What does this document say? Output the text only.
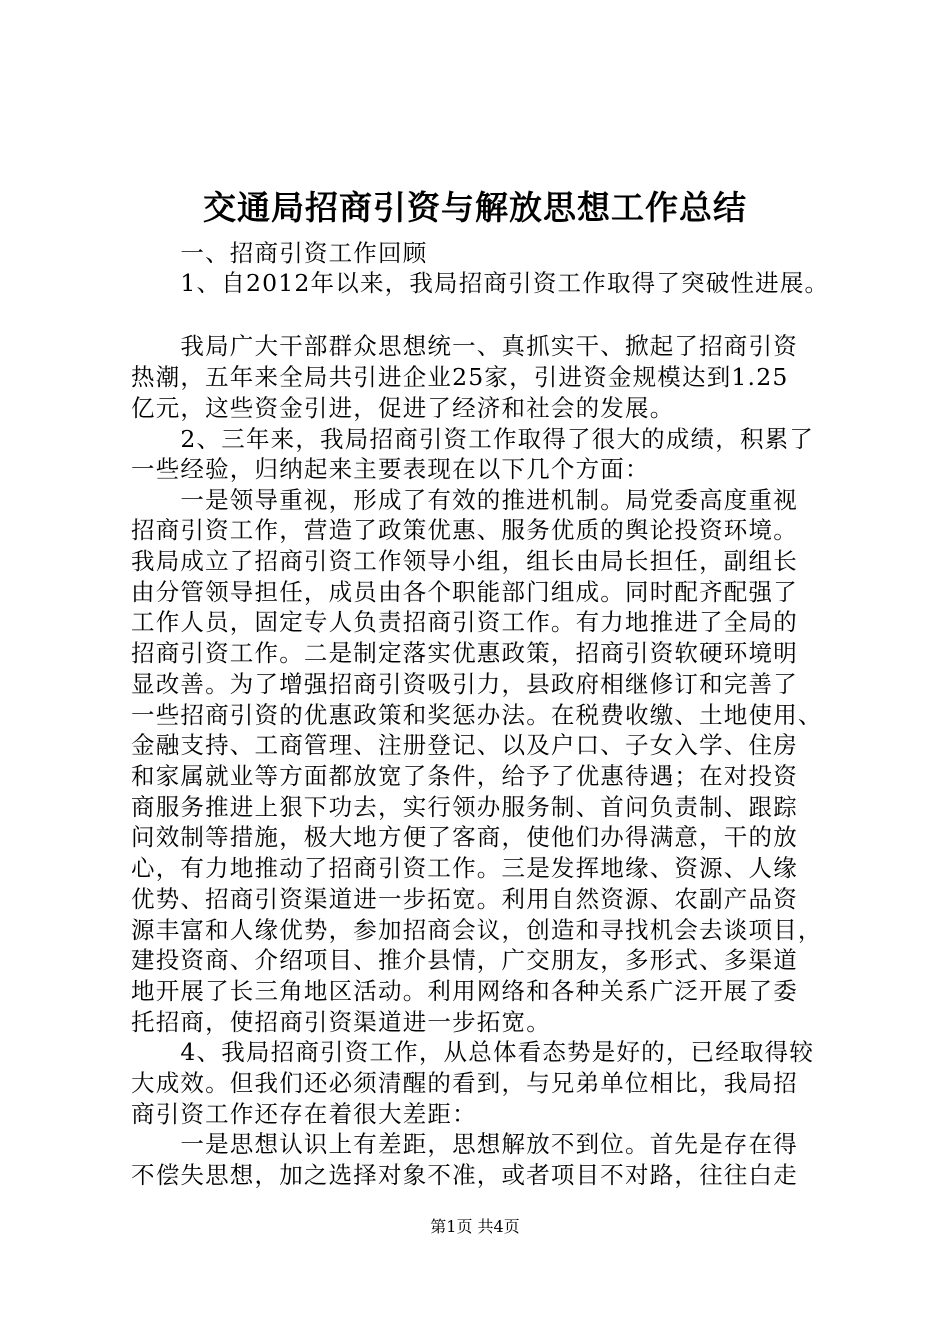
交通局招商引资与解放思想工作总结
　　一、招商引资工作回顾
　　1、自2012年以来，我局招商引资工作取得了突破性进展。
　　我局广大干部群众思想统一、真抓实干、掀起了招商引资
热潮，五年来全局共引进企业25家，引进资金规模达到1.25
亿元，这些资金引进，促进了经济和社会的发展。
　　2、三年来，我局招商引资工作取得了很大的成绩，积累了
一些经验，归纳起来主要表现在以下几个方面：
　　一是领导重视，形成了有效的推进机制。局党委高度重视
招商引资工作，营造了政策优惠、服务优质的舆论投资环境。
我局成立了招商引资工作领导小组，组长由局长担任，副组长
由分管领导担任，成员由各个职能部门组成。同时配齐配强了
工作人员，固定专人负责招商引资工作。有力地推进了全局的
招商引资工作。二是制定落实优惠政策，招商引资软硬环境明
显改善。为了增强招商引资吸引力，县政府相继修订和完善了
一些招商引资的优惠政策和奖惩办法。在税费收缴、土地使用、
金融支持、工商管理、注册登记、以及户口、子女入学、住房
和家属就业等方面都放宽了条件，给予了优惠待遇；在对投资
商服务推进上狠下功去，实行领办服务制、首问负责制、跟踪
问效制等措施，极大地方便了客商，使他们办得满意，干的放
心，有力地推动了招商引资工作。三是发挥地缘、资源、人缘
优势、招商引资渠道进一步拓宽。利用自然资源、农副产品资
源丰富和人缘优势，参加招商会议，创造和寻找机会去谈项目，
建投资商、介绍项目、推介县情，广交朋友，多形式、多渠道
地开展了长三角地区活动。利用网络和各种关系广泛开展了委
托招商，使招商引资渠道进一步拓宽。
　　4、我局招商引资工作，从总体看态势是好的，已经取得较
大成效。但我们还必须清醒的看到，与兄弟单位相比，我局招
商引资工作还存在着很大差距：
　　一是思想认识上有差距，思想解放不到位。首先是存在得
不偿失思想，加之选择对象不准，或者项目不对路，往往白走
第1页 共4页
